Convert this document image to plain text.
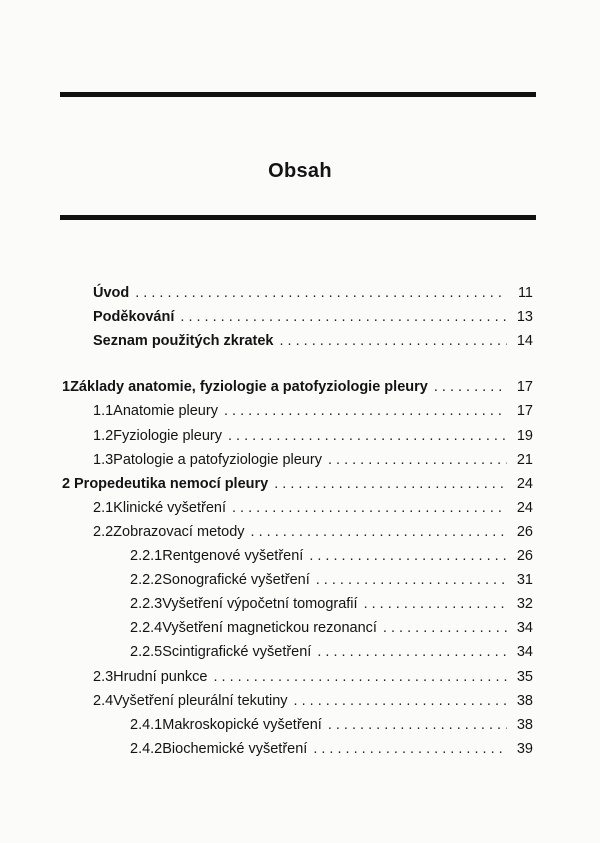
Obsah
Úvod . . .	11
Poděkování . . .	13
Seznam použitých zkratek . . .	14
1 Základy anatomie, fyziologie a patofyziologie pleury . . .	17
1.1 Anatomie pleury . . .	17
1.2 Fyziologie pleury . . .	19
1.3 Patologie a patofyziologie pleury . . .	21
2 Propedeutika nemocí pleury . . .	24
2.1 Klinické vyšetření . . .	24
2.2 Zobrazovací metody . . .	26
2.2.1 Rentgenové vyšetření . . .	26
2.2.2 Sonografické vyšetření . . .	31
2.2.3 Vyšetření výpočetní tomografií . . .	32
2.2.4 Vyšetření magnetickou rezonancí . . .	34
2.2.5 Scintigrafické vyšetření . . .	34
2.3 Hrudní punkce . . .	35
2.4 Vyšetření pleurální tekutiny . . .	38
2.4.1 Makroskopické vyšetření . . .	38
2.4.2 Biochemické vyšetření . . .	39
